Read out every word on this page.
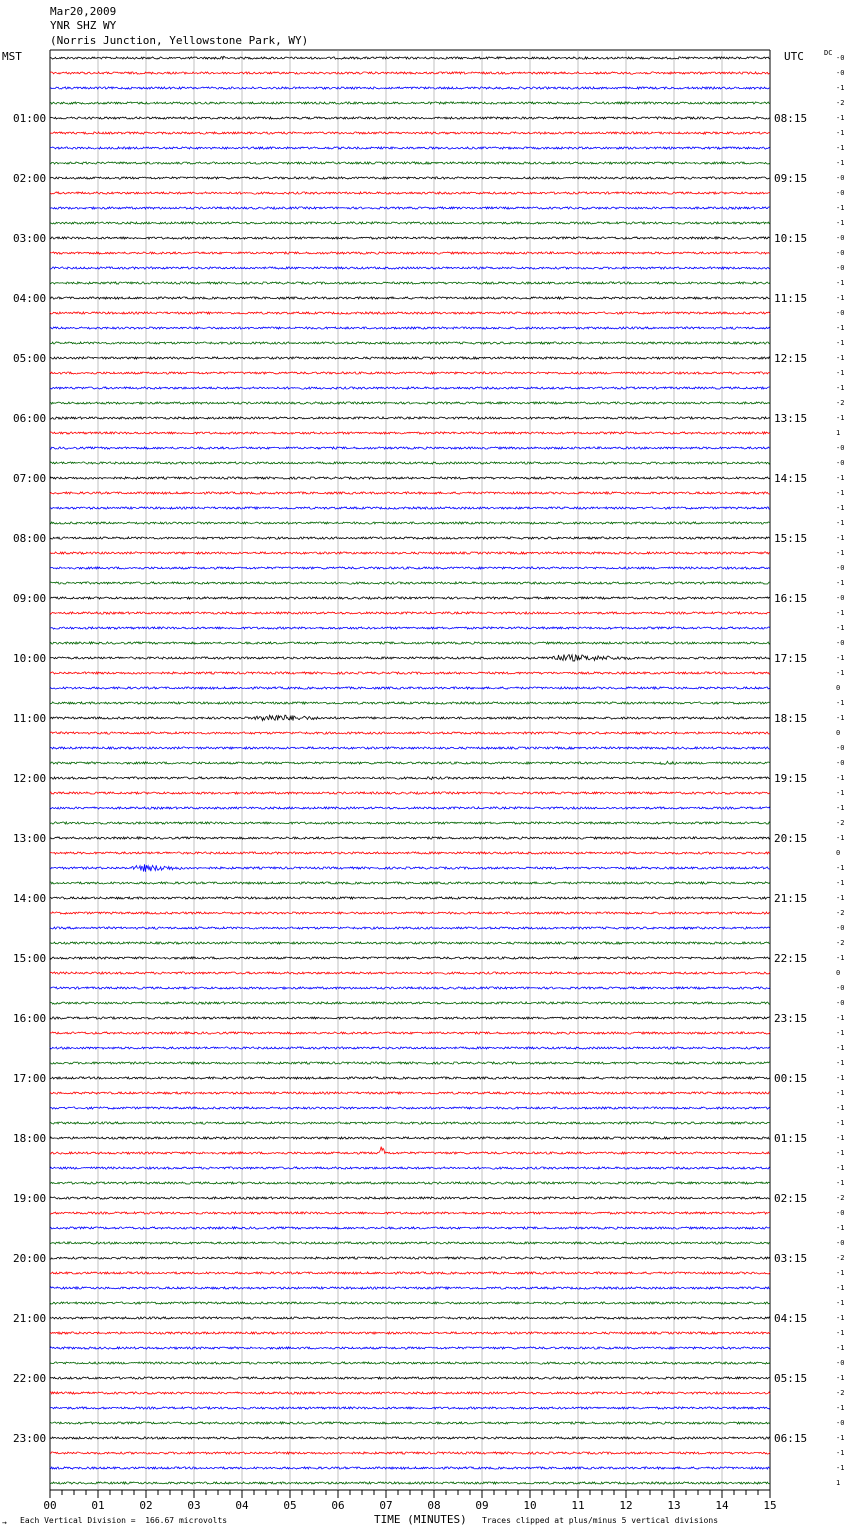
Mar20,2009
YNR SHZ WY
(Norris Junction, Yellowstone Park, WY)
MST	UTC	DC
00	01	02	03	04	05	06	07	08	09	10	11	12	13	14	15
-0
-0
-1
-2
-1
-1
-1
-1
-0
-0
-1
-1
-0
-0
-0
-1
-1
-0
-1
-1
-1
-1
-1
-2
-1
1
-0
-0
-1
-1
-1
-1
-1
-1
-0
-1
-0
-1
-1
-0
-1
-1
0
-1
-1
0
-0
-0
-1
-1
-1
-2
-1
0
-1
-1
-1
-2
-0
-2
-1
0
-0
-0
-1
-1
-1
-1
-1
-1
-1
-1
-1
-1
-1
-1
-2
-0
-1
-0
-2
-1
-1
-1
-1
-1
-1
-0
-1
-2
-1
-0
-1
-1
-1
1
01:00
02:00
03:00
04:00
05:00
06:00
07:00
08:00
09:00
10:00
11:00
12:00
13:00
14:00
15:00
16:00
17:00
18:00
19:00
20:00
21:00
22:00
23:00
08:15
09:15
10:15
11:15
12:15
13:15
14:15
15:15
16:15
17:15
18:15
19:15
20:15
21:15
22:15
23:15
00:15
01:15
02:15
03:15
04:15
05:15
06:15
→ Each Vertical Division =  166.67 microvolts	TIME (MINUTES) Traces clipped at plus/minus 5 vertical divisions
